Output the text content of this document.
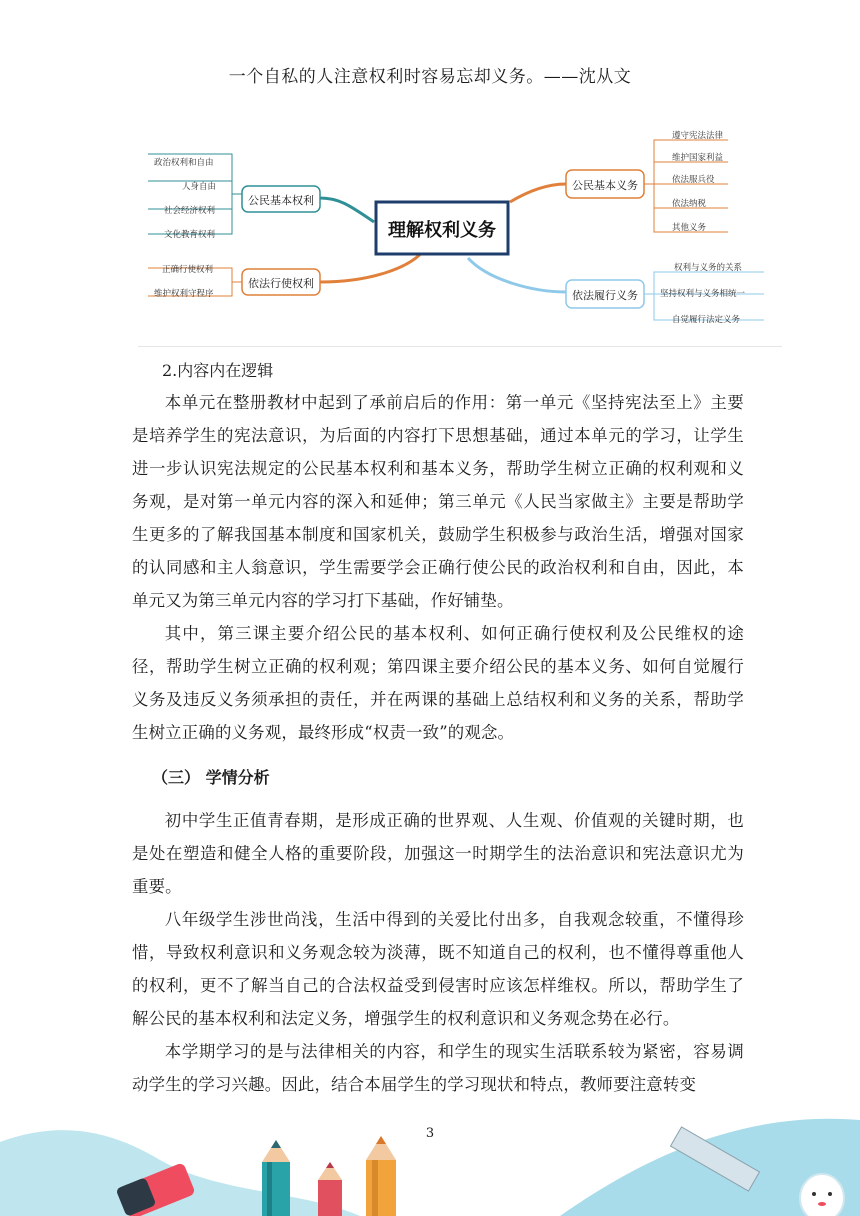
一个自私的人注意权利时容易忘却义务。——沈从文
理解权利义务
公民基本权利
政治权利和自由
人身自由
社会经济权利
文化教育权利
依法行使权利
正确行使权利
维护权利守程序
公民基本义务
遵守宪法法律
维护国家利益
依法服兵役
依法纳税
其他义务
依法履行义务
权利与义务的关系
坚持权利与义务相统一
自觉履行法定义务
2.内容内在逻辑

本单元在整册教材中起到了承前启后的作用：第一单元《坚持宪法至上》主要是培养学生的宪法意识，为后面的内容打下思想基础，通过本单元的学习，让学生进一步认识宪法规定的公民基本权利和基本义务，帮助学生树立正确的权利观和义务观，是对第一单元内容的深入和延伸；第三单元《人民当家做主》主要是帮助学生更多的了解我国基本制度和国家机关，鼓励学生积极参与政治生活，增强对国家的认同感和主人翁意识，学生需要学会正确行使公民的政治权利和自由，因此，本单元又为第三单元内容的学习打下基础，作好铺垫。

其中，第三课主要介绍公民的基本权利、如何正确行使权利及公民维权的途径，帮助学生树立正确的权利观；第四课主要介绍公民的基本义务、如何自觉履行义务及违反义务须承担的责任，并在两课的基础上总结权利和义务的关系，帮助学生树立正确的义务观，最终形成“权责一致”的观念。

（三） 学情分析

初中学生正值青春期，是形成正确的世界观、人生观、价值观的关键时期，也是处在塑造和健全人格的重要阶段，加强这一时期学生的法治意识和宪法意识尤为重要。

八年级学生涉世尚浅，生活中得到的关爱比付出多，自我观念较重，不懂得珍惜，导致权利意识和义务观念较为淡薄，既不知道自己的权利，也不懂得尊重他人的权利，更不了解当自己的合法权益受到侵害时应该怎样维权。所以，帮助学生了解公民的基本权利和法定义务，增强学生的权利意识和义务观念势在必行。

本学期学习的是与法律相关的内容，和学生的现实生活联系较为紧密，容易调动学生的学习兴趣。因此，结合本届学生的学习现状和特点，教师要注意转变

3
